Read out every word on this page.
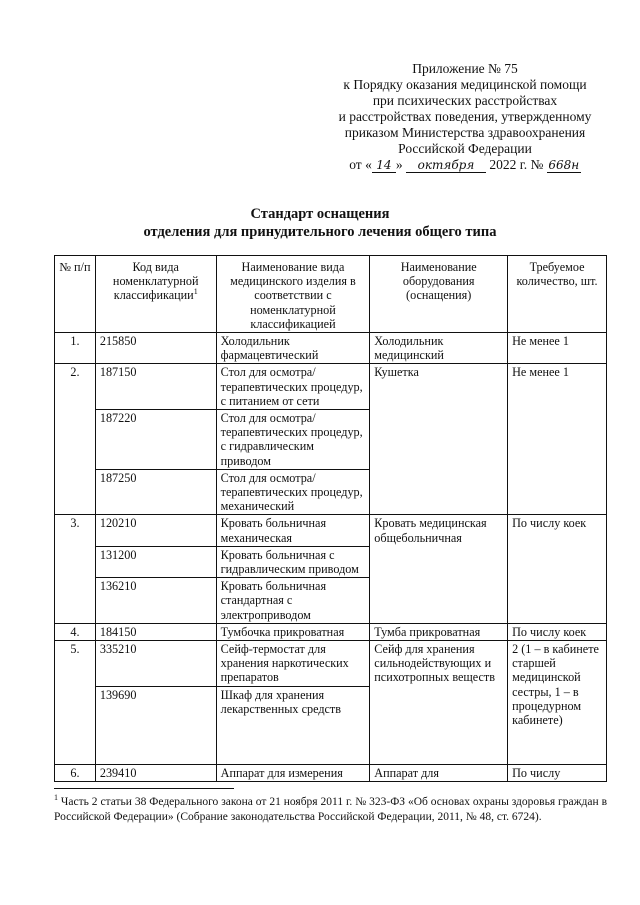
Приложение № 75
к Порядку оказания медицинской помощи
при психических расстройствах
и расстройствах поведения, утвержденному
приказом Министерства здравоохранения
Российской Федерации
от « 14 » октября 2022 г. № 668н
Стандарт оснащения
отделения для принудительного лечения общего типа
№ п/п	Код вида номенклатурной классификации$^1$	Наименование вида медицинского изделия в соответствии с номенклатурной классификацией	Наименование оборудования (оснащения)	Требуемое количество, шт.
1.	215850	Холодильник фармацевтический	Холодильник медицинский	Не менее 1
2.	187150	Стол для осмотра/терапевтических процедур, с питанием от сети	Кушетка	Не менее 1
	187220	Стол для осмотра/терапевтических процедур, с гидравлическим приводом		
	187250	Стол для осмотра/терапевтических процедур, механический		
3.	120210	Кровать больничная механическая	Кровать медицинская общебольничная	По числу коек
	131200	Кровать больничная с гидравлическим приводом		
	136210	Кровать больничная стандартная с электроприводом		
4.	184150	Тумбочка прикроватная	Тумба прикроватная	По числу коек
5.	335210	Сейф-термостат для хранения наркотических препаратов	Сейф для хранения сильнодействующих и психотропных веществ	2 (1 – в кабинете старшей медицинской сестры, 1 – в процедурном кабинете)
	139690	Шкаф для хранения лекарственных средств		
6.	239410	Аппарат для измерения	Аппарат для	По числу
$^1$ Часть 2 статьи 38 Федерального закона от 21 ноября 2011 г. № 323-ФЗ «Об основах охраны здоровья граждан в Российской Федерации» (Собрание законодательства Российской Федерации, 2011, № 48, ст. 6724).
